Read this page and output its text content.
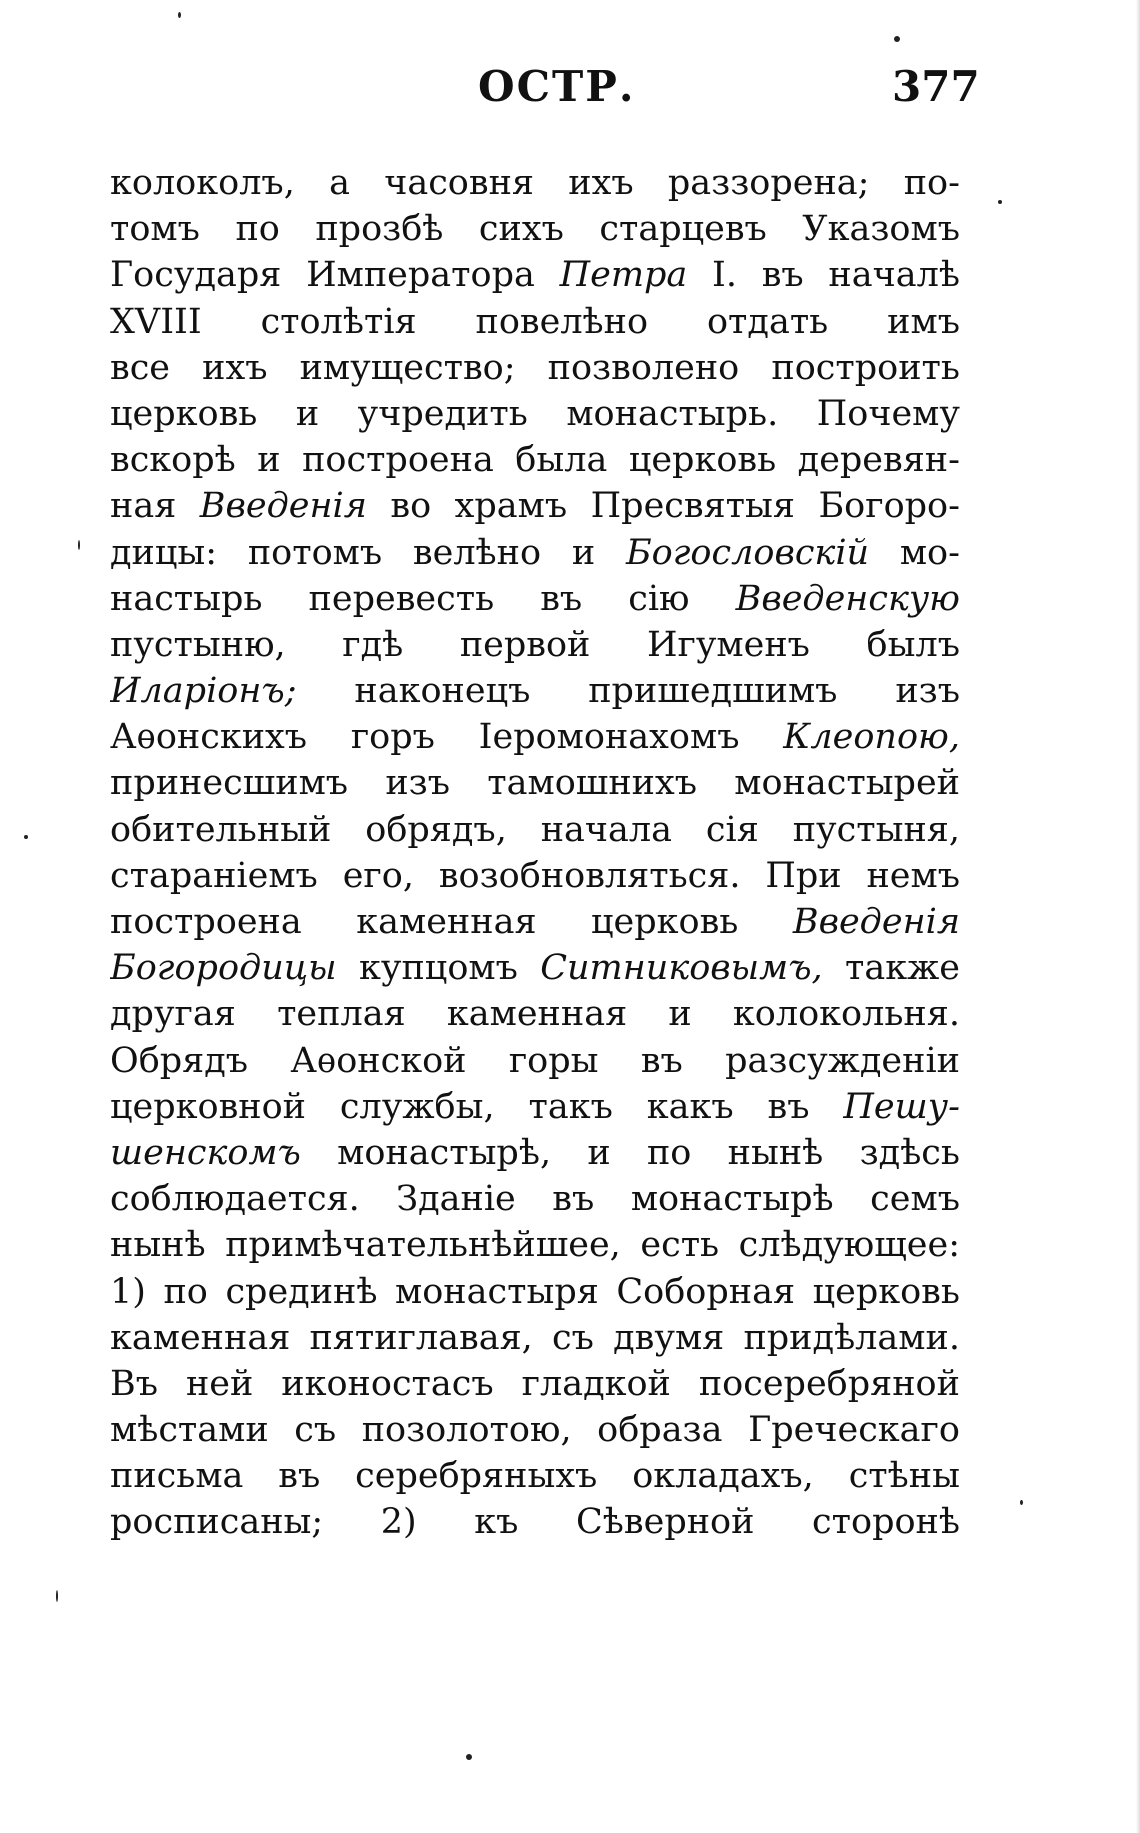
ОСТР.	377
колоколъ, а часовня ихъ раззорена; по-
томъ по прозбѣ сихъ старцевъ Указомъ
Государя Императора Петра I. въ началѣ
XVIII столѣтія повелѣно отдать имъ
все ихъ имущество; позволено построить
церковь и учредить монастырь. Почему
вскорѣ и построена была церковь деревян-
ная Введенія во храмъ Пресвятыя Богоро-
дицы: потомъ велѣно и Богословскій мо-
настырь перевесть въ сію Введенскую
пустыню, гдѣ первой Игуменъ былъ
Иларіонъ; наконецъ пришедшимъ изъ
Аѳонскихъ горъ Іеромонахомъ Клеопою,
принесшимъ изъ тамошнихъ монастырей
обительный обрядъ, начала сія пустыня,
стараніемъ его, возобновляться. При немъ
построена каменная церковь Введенія
Богородицы купцомъ Ситниковымъ, также
другая теплая каменная и колокольня.
Обрядъ Аѳонской горы въ разсужденіи
церковной службы, такъ какъ въ Пешу-
шенскомъ монастырѣ, и по нынѣ здѣсь
соблюдается. Зданіе въ монастырѣ семъ
нынѣ примѣчательнѣйшее, есть слѣдующее:
1) по срединѣ монастыря Соборная церковь
каменная пятиглавая, съ двумя придѣлами.
Въ ней иконостасъ гладкой посеребряной
мѣстами съ позолотою, образа Греческаго
письма въ серебряныхъ окладахъ, стѣны
росписаны; 2) къ Сѣверной сторонѣ
